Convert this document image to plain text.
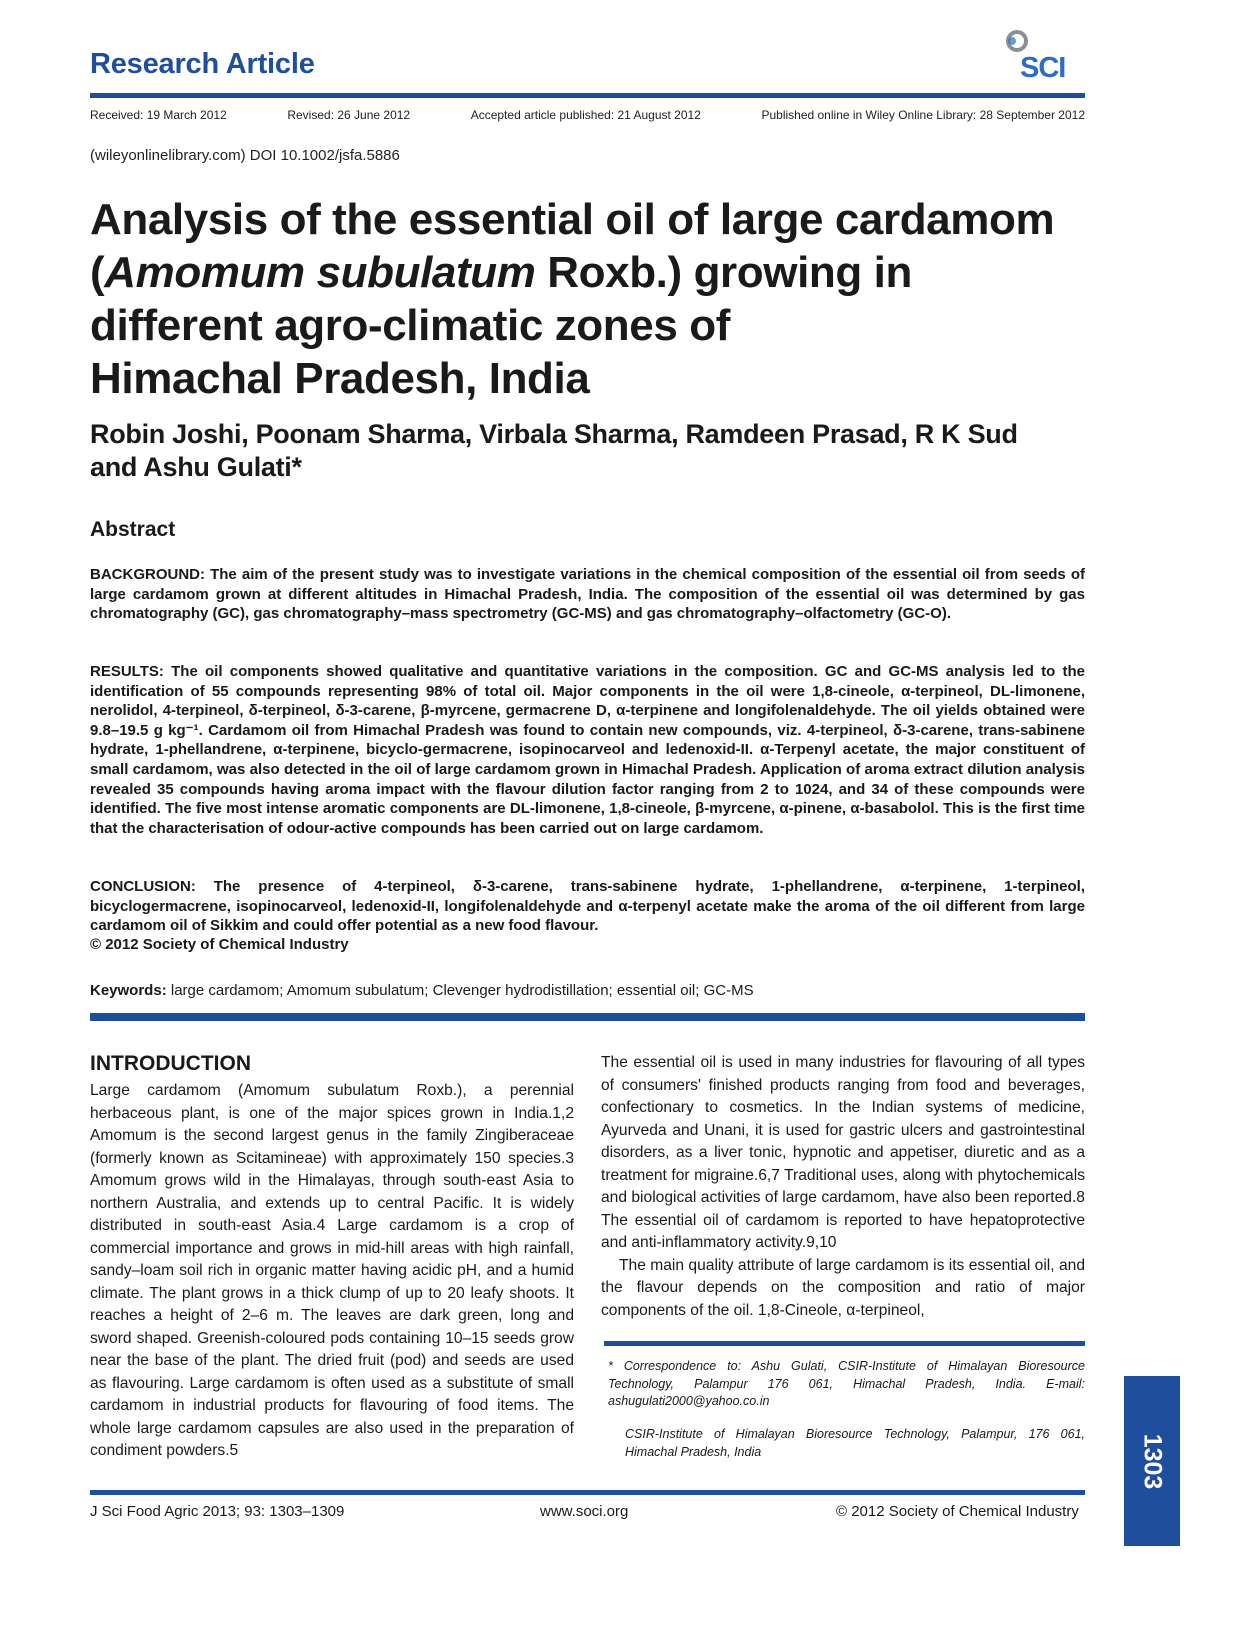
Research Article	SCI
Received: 19 March 2012	Revised: 26 June 2012	Accepted article published: 21 August 2012	Published online in Wiley Online Library: 28 September 2012
(wileyonlinelibrary.com) DOI 10.1002/jsfa.5886
Analysis of the essential oil of large cardamom
(Amomum subulatum Roxb.) growing in
different agro-climatic zones of
Himachal Pradesh, India
Robin Joshi, Poonam Sharma, Virbala Sharma, Ramdeen Prasad, R K Sud
and Ashu Gulati*
Abstract
BACKGROUND: The aim of the present study was to investigate variations in the chemical composition of the essential oil from seeds of large cardamom grown at different altitudes in Himachal Pradesh, India. The composition of the essential oil was determined by gas chromatography (GC), gas chromatography–mass spectrometry (GC-MS) and gas chromatography–olfactometry (GC-O).
RESULTS: The oil components showed qualitative and quantitative variations in the composition. GC and GC-MS analysis led to the identification of 55 compounds representing 98% of total oil. Major components in the oil were 1,8-cineole, α-terpineol, DL-limonene, nerolidol, 4-terpineol, δ-terpineol, δ-3-carene, β-myrcene, germacrene D, α-terpinene and longifolenaldehyde. The oil yields obtained were 9.8–19.5 g kg⁻¹. Cardamom oil from Himachal Pradesh was found to contain new compounds, viz. 4-terpineol, δ-3-carene, trans-sabinene hydrate, 1-phellandrene, α-terpinene, bicyclo-germacrene, isopinocarveol and ledenoxid-II. α-Terpenyl acetate, the major constituent of small cardamom, was also detected in the oil of large cardamom grown in Himachal Pradesh. Application of aroma extract dilution analysis revealed 35 compounds having aroma impact with the flavour dilution factor ranging from 2 to 1024, and 34 of these compounds were identified. The five most intense aromatic components are DL-limonene, 1,8-cineole, β-myrcene, α-pinene, α-basabolol. This is the first time that the characterisation of odour-active compounds has been carried out on large cardamom.
CONCLUSION: The presence of 4-terpineol, δ-3-carene, trans-sabinene hydrate, 1-phellandrene, α-terpinene, 1-terpineol, bicyclogermacrene, isopinocarveol, ledenoxid-II, longifolenaldehyde and α-terpenyl acetate make the aroma of the oil different from large cardamom oil of Sikkim and could offer potential as a new food flavour.
© 2012 Society of Chemical Industry
Keywords: large cardamom; Amomum subulatum; Clevenger hydrodistillation; essential oil; GC-MS
INTRODUCTION

Large cardamom (Amomum subulatum Roxb.), a perennial herbaceous plant, is one of the major spices grown in India.1,2 Amomum is the second largest genus in the family Zingiberaceae (formerly known as Scitamineae) with approximately 150 species.3 Amomum grows wild in the Himalayas, through south-east Asia to northern Australia, and extends up to central Pacific. It is widely distributed in south-east Asia.4 Large cardamom is a crop of commercial importance and grows in mid-hill areas with high rainfall, sandy–loam soil rich in organic matter having acidic pH, and a humid climate. The plant grows in a thick clump of up to 20 leafy shoots. It reaches a height of 2–6 m. The leaves are dark green, long and sword shaped. Greenish-coloured pods containing 10–15 seeds grow near the base of the plant. The dried fruit (pod) and seeds are used as flavouring. Large cardamom is often used as a substitute of small cardamom in industrial products for flavouring of food items. The whole large cardamom capsules are also used in the preparation of condiment powders.5

The essential oil is used in many industries for flavouring of all types of consumers' finished products ranging from food and beverages, confectionary to cosmetics. In the Indian systems of medicine, Ayurveda and Unani, it is used for gastric ulcers and gastrointestinal disorders, as a liver tonic, hypnotic and appetiser, diuretic and as a treatment for migraine.6,7 Traditional uses, along with phytochemicals and biological activities of large cardamom, have also been reported.8 The essential oil of cardamom is reported to have hepatoprotective and anti-inflammatory activity.9,10

The main quality attribute of large cardamom is its essential oil, and the flavour depends on the composition and ratio of major components of the oil. 1,8-Cineole, α-terpineol,

* Correspondence to: Ashu Gulati, CSIR-Institute of Himalayan Bioresource Technology, Palampur 176 061, Himachal Pradesh, India. E-mail: ashugulati2000@yahoo.co.in
CSIR-Institute of Himalayan Bioresource Technology, Palampur, 176 061, Himachal Pradesh, India	1303
J Sci Food Agric 2013; 93: 1303–1309	www.soci.org	© 2012 Society of Chemical Industry
